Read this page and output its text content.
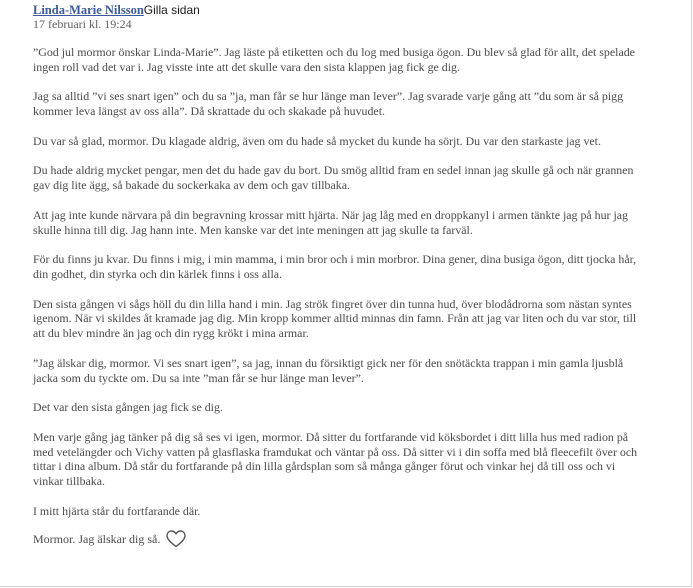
Linda-Marie NilssonGilla sidan
17 februari kl. 19:24

”God jul mormor önskar Linda-Marie”. Jag läste på etiketten och du log med busiga ögon. Du blev så glad för allt, det spelade ingen roll vad det var i. Jag visste inte att det skulle vara den sista klappen jag fick ge dig.

Jag sa alltid ”vi ses snart igen” och du sa ”ja, man får se hur länge man lever”. Jag svarade varje gång att ”du som är så pigg kommer leva längst av oss alla”. Då skrattade du och skakade på huvudet.

Du var så glad, mormor. Du klagade aldrig, även om du hade så mycket du kunde ha sörjt. Du var den starkaste jag vet.

Du hade aldrig mycket pengar, men det du hade gav du bort. Du smög alltid fram en sedel innan jag skulle gå och när grannen gav dig lite ägg, så bakade du sockerkaka av dem och gav tillbaka.

Att jag inte kunde närvara på din begravning krossar mitt hjärta. När jag låg med en droppkanyl i armen tänkte jag på hur jag skulle hinna till dig. Jag hann inte. Men kanske var det inte meningen att jag skulle ta farväl.

För du finns ju kvar. Du finns i mig, i min mamma, i min bror och i min morbror. Dina gener, dina busiga ögon, ditt tjocka hår, din godhet, din styrka och din kärlek finns i oss alla.

Den sista gången vi sågs höll du din lilla hand i min. Jag strök fingret över din tunna hud, över blodådrorna som nästan syntes igenom. När vi skildes åt kramade jag dig. Min kropp kommer alltid minnas din famn. Från att jag var liten och du var stor, till att du blev mindre än jag och din rygg krökt i mina armar.

”Jag älskar dig, mormor. Vi ses snart igen”, sa jag, innan du försiktigt gick ner för den snötäckta trappan i min gamla ljusblå jacka som du tyckte om. Du sa inte ”man får se hur länge man lever”.

Det var den sista gången jag fick se dig.

Men varje gång jag tänker på dig så ses vi igen, mormor. Då sitter du fortfarande vid köksbordet i ditt lilla hus med radion på med vetelängder och Vichy vatten på glasflaska framdukat och väntar på oss. Då sitter vi i din soffa med blå fleecefilt över och tittar i dina album. Då står du fortfarande på din lilla gårdsplan som så många gånger förut och vinkar hej då till oss och vi vinkar tillbaka.

I mitt hjärta står du fortfarande där.

Mormor. Jag älskar dig så.
